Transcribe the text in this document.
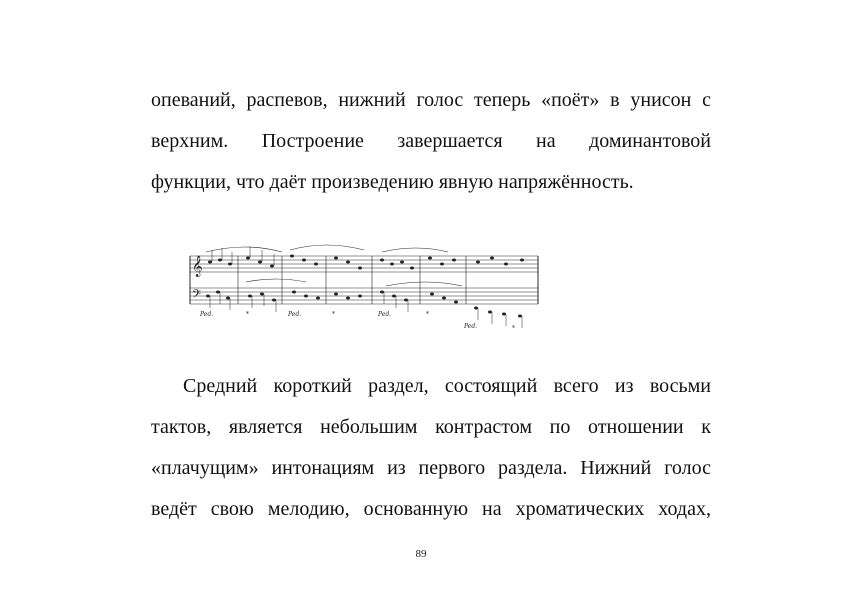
опеваний, распевов, нижний голос теперь «поёт» в унисон с
верхним. Построение завершается на доминантовой
функции, что даёт произведению явную напряжённость.
𝄞
𝄢
Ped.	*	Ped.	*	Ped.	*
Ped.	*
Средний короткий раздел, состоящий всего из восьми
тактов, является небольшим контрастом по отношении к
«плачущим» интонациям из первого раздела. Нижний голос
ведёт свою мелодию, основанную на хроматических ходах,
89
